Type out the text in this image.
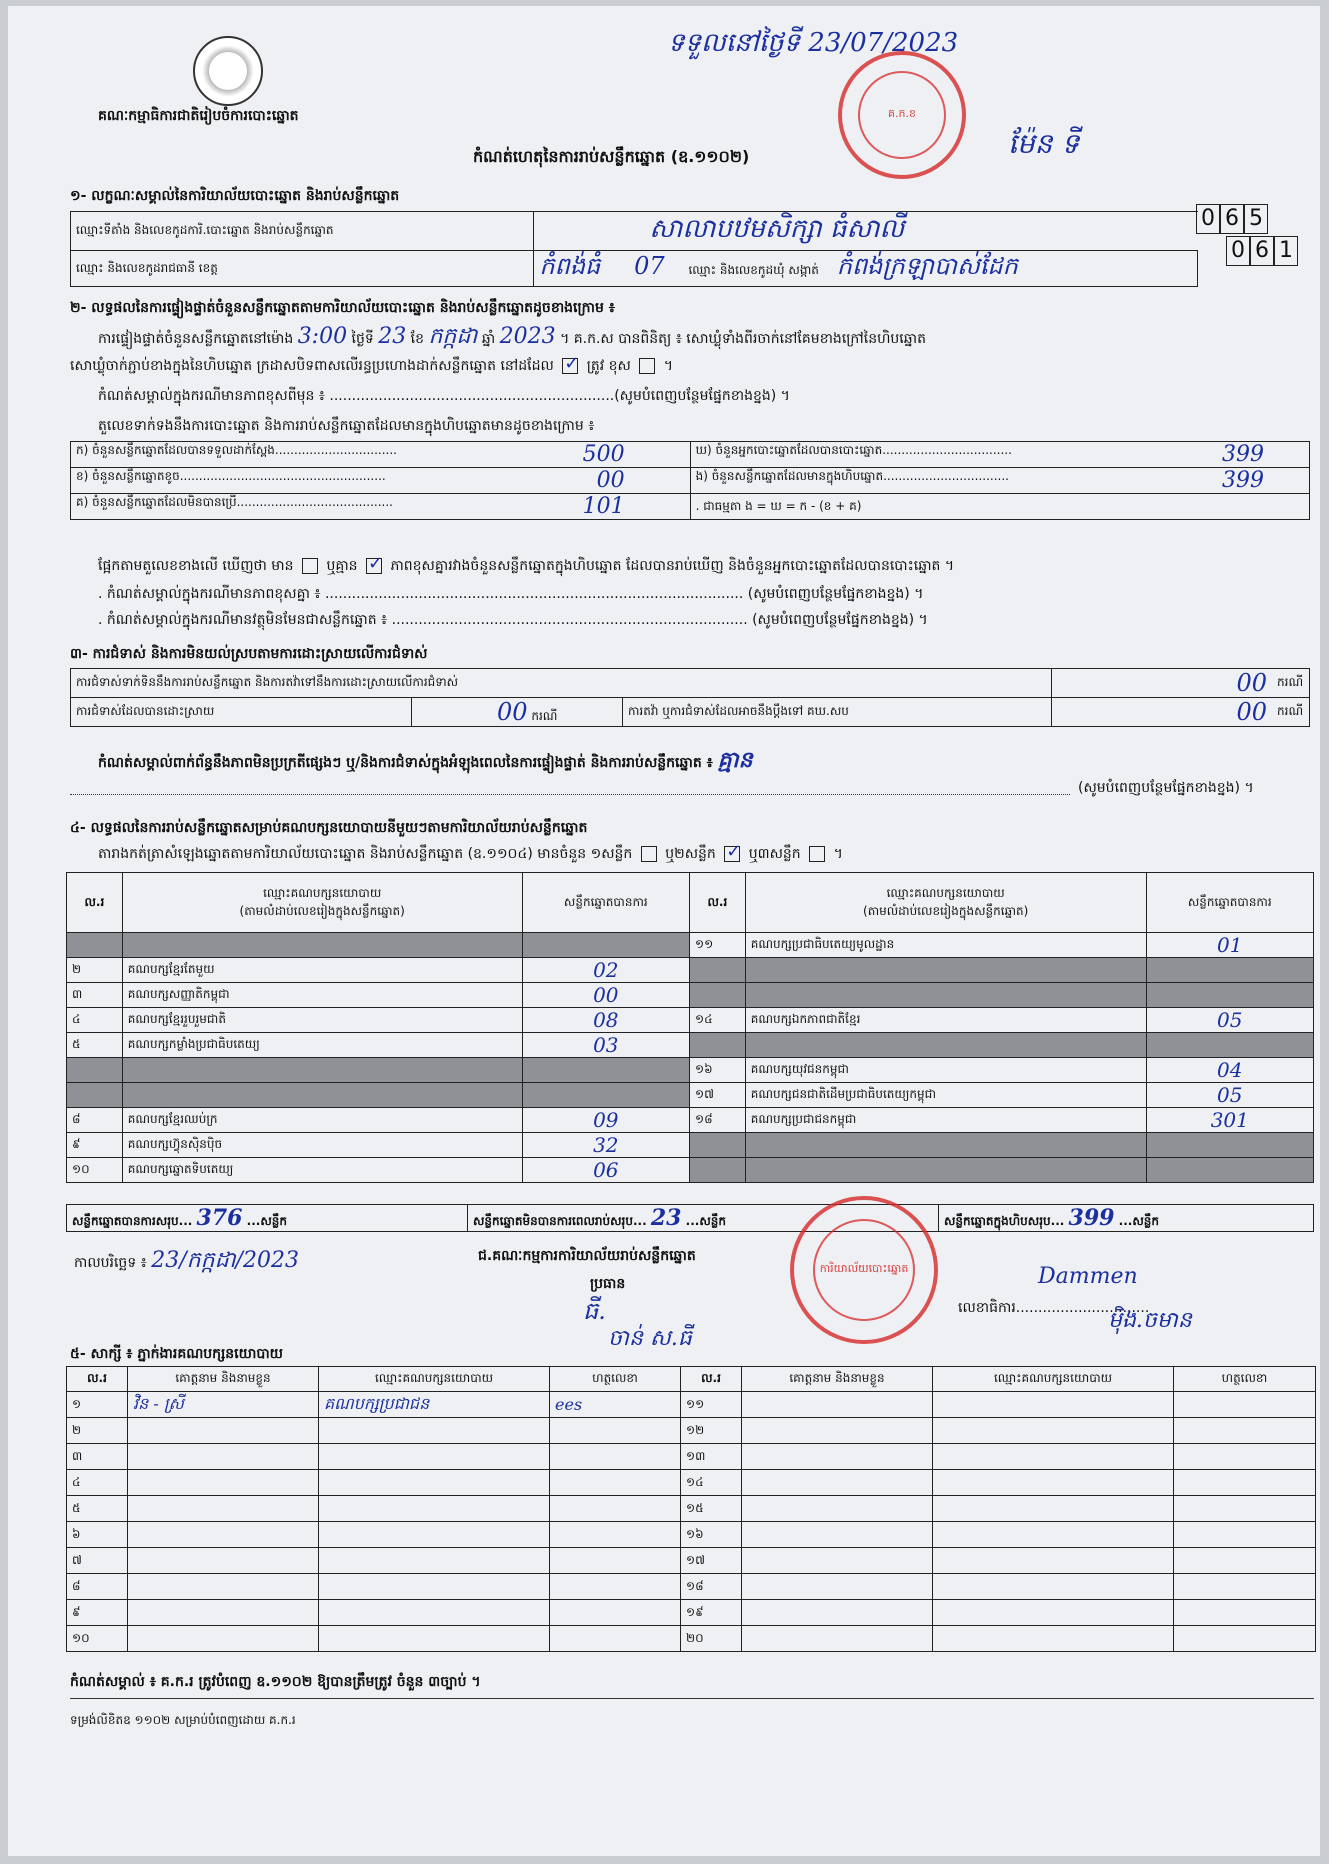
គណៈកម្មាធិការជាតិរៀបចំការបោះឆ្នោត
ទទួលនៅថ្ងៃទី 23/07/2023
ម៉ែន ទី
គ.ក.ខ
កំណត់ហេតុនៃការរាប់សន្លឹកឆ្នោត (ឧ.១១០២)
១- លក្ខណៈសម្គាល់នៃការិយាល័យបោះឆ្នោត និងរាប់សន្លឹកឆ្នោត
ឈ្មោះទីតាំង និងលេខកូដការិ.បោះឆ្នោត និងរាប់សន្លឹកឆ្នោត	សាលាបឋមសិក្សា ធំសាលី
ឈ្មោះ និងលេខកូដរាជធានី ខេត្ត	កំពង់ធំ 07 ឈ្មោះ និងលេខកូដឃុំ សង្កាត់ កំពង់ក្រឡាបាស់ដែក
0 6 5
0 6 1
២- លទ្ធផលនៃការផ្ទៀងផ្ទាត់ចំនួនសន្លឹកឆ្នោតតាមការិយាល័យបោះឆ្នោត និងរាប់សន្លឹកឆ្នោតដូចខាងក្រោម ៖
ការផ្ទៀងផ្ទាត់ចំនួនសន្លឹកឆ្នោតនៅម៉ោង 3:00 ថ្ងៃទី 23 ខែ កក្កដា ឆ្នាំ 2023 ។ គ.ក.ស បានពិនិត្យ ៖ សោឃ្លុំទាំងពីរចាក់នៅគែមខាងក្រៅនៃហិបឆ្នោត
សោឃ្លុំចាក់ភ្ជាប់ខាងក្នុងនៃហិបឆ្នោត ក្រដាសបិទពាសលើរន្ធប្រហោងដាក់សន្លឹកឆ្នោត នៅដដែល ✓ ត្រូវ ខុស  ។
កំណត់សម្គាល់ក្នុងករណីមានភាពខុសពីមុន ៖ ................................................................(សូមបំពេញបន្ថែមផ្នែកខាងខ្នង) ។
តួលេខទាក់ទងនឹងការបោះឆ្នោត និងការរាប់សន្លឹកឆ្នោតដែលមានក្នុងហិបឆ្នោតមានដូចខាងក្រោម ៖
ក) ចំនួនសន្លឹកឆ្នោតដែលបានទទួលដាក់ស្ពែង................................ 500	ឃ) ចំនួនអ្នកបោះឆ្នោតដែលបានបោះឆ្នោត.................................. 399

ខ) ចំនួនសន្លឹកឆ្នោតខូច...................................................... 00	ង) ចំនួនសន្លឹកឆ្នោតដែលមានក្នុងហិបឆ្នោត................................. 399

គ) ចំនួនសន្លឹកឆ្នោតដែលមិនបានប្រើ......................................... 101	. ជាធម្មតា ង = ឃ = ក - (ខ + គ)
ផ្អែកតាមតួលេខខាងលើ ឃើញថា មាន ឬគ្មាន ✓ ភាពខុសគ្នារវាងចំនួនសន្លឹកឆ្នោតក្នុងហិបឆ្នោត ដែលបានរាប់ឃើញ និងចំនួនអ្នកបោះឆ្នោតដែលបានបោះឆ្នោត ។
. កំណត់សម្គាល់ក្នុងករណីមានភាពខុសគ្នា ៖ .............................................................................................. (សូមបំពេញបន្ថែមផ្នែកខាងខ្នង) ។
. កំណត់សម្គាល់ក្នុងករណីមានវត្ថុមិនមែនជាសន្លឹកឆ្នោត ៖ ................................................................................ (សូមបំពេញបន្ថែមផ្នែកខាងខ្នង) ។
៣- ការជំទាស់ និងការមិនយល់ស្របតាមការដោះស្រាយលើការជំទាស់
ការជំទាស់ទាក់ទិននឹងការរាប់សន្លឹកឆ្នោត និងការតវ៉ាទៅនឹងការដោះស្រាយលើការជំទាស់			00	ករណី
ការជំទាស់ដែលបានដោះស្រាយ	00 ករណី	ការតវ៉ា ឬការជំទាស់ដែលអាចនឹងប្ដឹងទៅ គឃ.សប	00	ករណី
កំណត់សម្គាល់ពាក់ព័ន្ធនឹងភាពមិនប្រក្រតីផ្សេងៗ ឬ/និងការជំទាស់ក្នុងអំឡុងពេលនៃការផ្ទៀងផ្ទាត់ និងការរាប់សន្លឹកឆ្នោត ៖ គ្មាន
(សូមបំពេញបន្ថែមផ្នែកខាងខ្នង) ។
៤- លទ្ធផលនៃការរាប់សន្លឹកឆ្នោតសម្រាប់គណបក្សនយោបាយនីមួយៗតាមការិយាល័យរាប់សន្លឹកឆ្នោត
តារាងកត់ត្រាសំឡេងឆ្នោតតាមការិយាល័យបោះឆ្នោត និងរាប់សន្លឹកឆ្នោត (ឧ.១១០៤) មានចំនួន ១សន្លឹក ឬ២សន្លឹក ✓ ឬ៣សន្លឹក  ។
ល.រ	ឈ្មោះគណបក្សនយោបាយ
(តាមលំដាប់លេខរៀងក្នុងសន្លឹកឆ្នោត)	សន្លឹកឆ្នោតបានការ	ល.រ	ឈ្មោះគណបក្សនយោបាយ
(តាមលំដាប់លេខរៀងក្នុងសន្លឹកឆ្នោត)	សន្លឹកឆ្នោតបានការ
			១១	គណបក្សប្រជាធិបតេយ្យមូលដ្ឋាន	01
២	គណបក្សខ្មែរតែមួយ	02			
៣	គណបក្សសញ្ញាតិកម្ពុជា	00			
៤	គណបក្សខ្មែររួបរួមជាតិ	08	១៤	គណបក្សឯកភាពជាតិខ្មែរ	05
៥	គណបក្សកម្លាំងប្រជាធិបតេយ្យ	03			
			១៦	គណបក្សយុវជនកម្ពុជា	04
			១៧	គណបក្សជនជាតិដើមប្រជាធិបតេយ្យកម្ពុជា	05
៨	គណបក្សខ្មែរឈប់ក្រ	09	១៨	គណបក្សប្រជាជនកម្ពុជា	301
៩	គណបក្សហ៊្វុនស៊ិនប៉ិច	32			
១០	គណបក្សឆ្នោតទិបតេយ្យ	06			
សន្លឹកឆ្នោតបានការសរុប... 376 ...សន្លឹក	សន្លឹកឆ្នោតមិនបានការពេលរាប់សរុប... 23 ...សន្លឹក	សន្លឹកឆ្នោតក្នុងហិបសរុប... 399 ...សន្លឹក
កាលបរិច្ឆេទ ៖ 23/កក្កដា/2023	ជ.គណៈកម្មការការិយាល័យរាប់សន្លឹកឆ្នោត
ប្រធាន
ធី.
ចាន់ ស.ធី
លេខាធិការ..............................
Dammen
ម៉ិង.ចមាន
ការិយាល័យបោះឆ្នោត
៥- សាក្សី ៖ ភ្នាក់ងារគណបក្សនយោបាយ
ល.រ	គោត្តនាម និងនាមខ្លួន	ឈ្មោះគណបក្សនយោបាយ	ហត្ថលេខា	ល.រ	គោត្តនាម និងនាមខ្លួន	ឈ្មោះគណបក្សនយោបាយ	ហត្ថលេខា
១	វិន - ស្រី	គណបក្សប្រជាជន	ees	១១			
២				១២			
៣				១៣			
៤				១៤			
៥				១៥			
៦				១៦			
៧				១៧			
៨				១៨			
៩				១៩			
១០				២០			
កំណត់សម្គាល់ ៖ គ.ក.រ ត្រូវបំពេញ ឧ.១១០២ ឱ្យបានត្រឹមត្រូវ ចំនួន ៣ច្បាប់ ។
ទម្រង់លិខិតឧ ១១០២ សម្រាប់បំពេញដោយ គ.ក.រ
